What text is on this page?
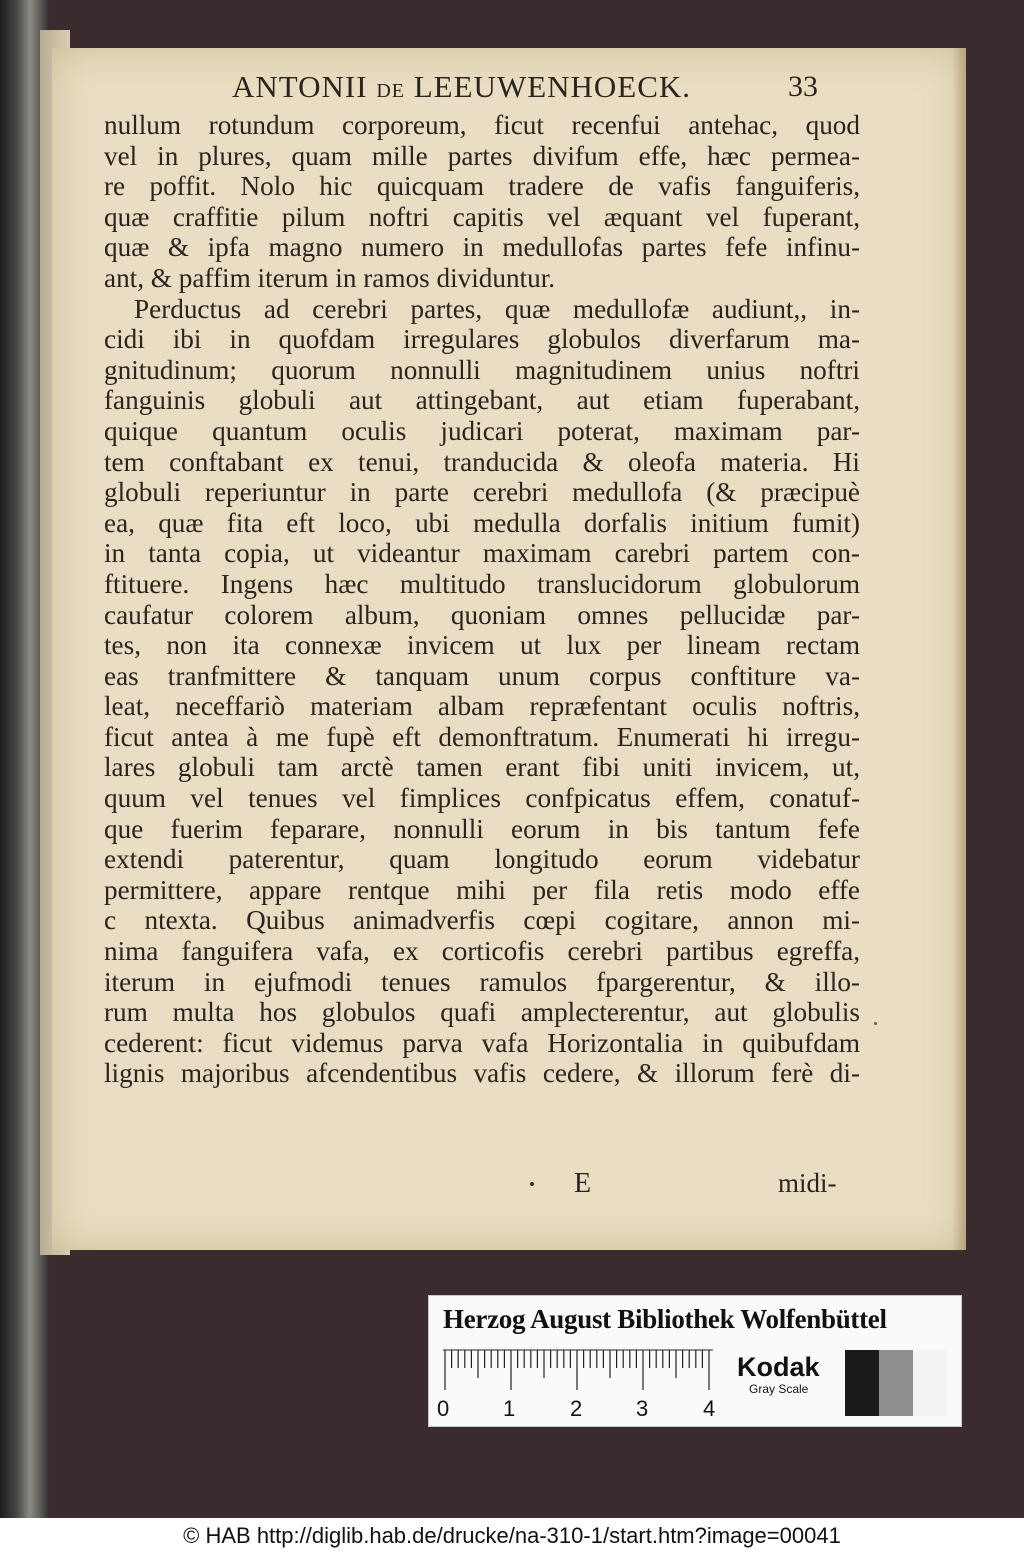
ANTONII DE LEEUWENHOECK.	33
nullum rotundum corporeum, ficut recenfui antehac, quod
vel in plures, quam mille partes divifum effe, hæc permea-
re poffit. Nolo hic quicquam tradere de vafis fanguiferis,
quæ craffitie pilum noftri capitis vel æquant vel fuperant,
quæ & ipfa magno numero in medullofas partes fefe infinu-
ant, & paffim iterum in ramos dividuntur.
Perductus ad cerebri partes, quæ medullofæ audiunt,, in-
cidi ibi in quofdam irregulares globulos diverfarum ma-
gnitudinum; quorum nonnulli magnitudinem unius noftri
fanguinis globuli aut attingebant, aut etiam fuperabant,
quique quantum oculis judicari poterat, maximam par-
tem conftabant ex tenui, tranducida & oleofa materia. Hi
globuli reperiuntur in parte cerebri medullofa (& præcipuè
ea, quæ fita eft loco, ubi medulla dorfalis initium fumit)
in tanta copia, ut videantur maximam carebri partem con-
ftituere. Ingens hæc multitudo translucidorum globulorum
caufatur colorem album, quoniam omnes pellucidæ par-
tes, non ita connexæ invicem ut lux per lineam rectam
eas tranfmittere & tanquam unum corpus conftiture va-
leat, neceffariò materiam albam repræfentant oculis noftris,
ficut antea à me fupè eft demonftratum. Enumerati hi irregu-
lares globuli tam arctè tamen erant fibi uniti invicem, ut,
quum vel tenues vel fimplices confpicatus effem, conatuf-
que fuerim feparare, nonnulli eorum in bis tantum fefe
extendi paterentur, quam longitudo eorum videbatur
permittere, appare rentque mihi per fila retis modo effe
c ntexta. Quibus animadverfis cœpi cogitare, annon mi-
nima fanguifera vafa, ex corticofis cerebri partibus egreffa,
iterum in ejufmodi tenues ramulos fpargerentur, & illo-
rum multa hos globulos quafi amplecterentur, aut globulis
cederent: ficut videmus parva vafa Horizontalia in quibufdam
lignis majoribus afcendentibus vafis cedere, & illorum ferè di-
E	midi-
Herzog August Bibliothek Wolfenbüttel
0 1 2 3 4
Kodak
Gray Scale
© HAB http://diglib.hab.de/drucke/na-310-1/start.htm?image=00041
